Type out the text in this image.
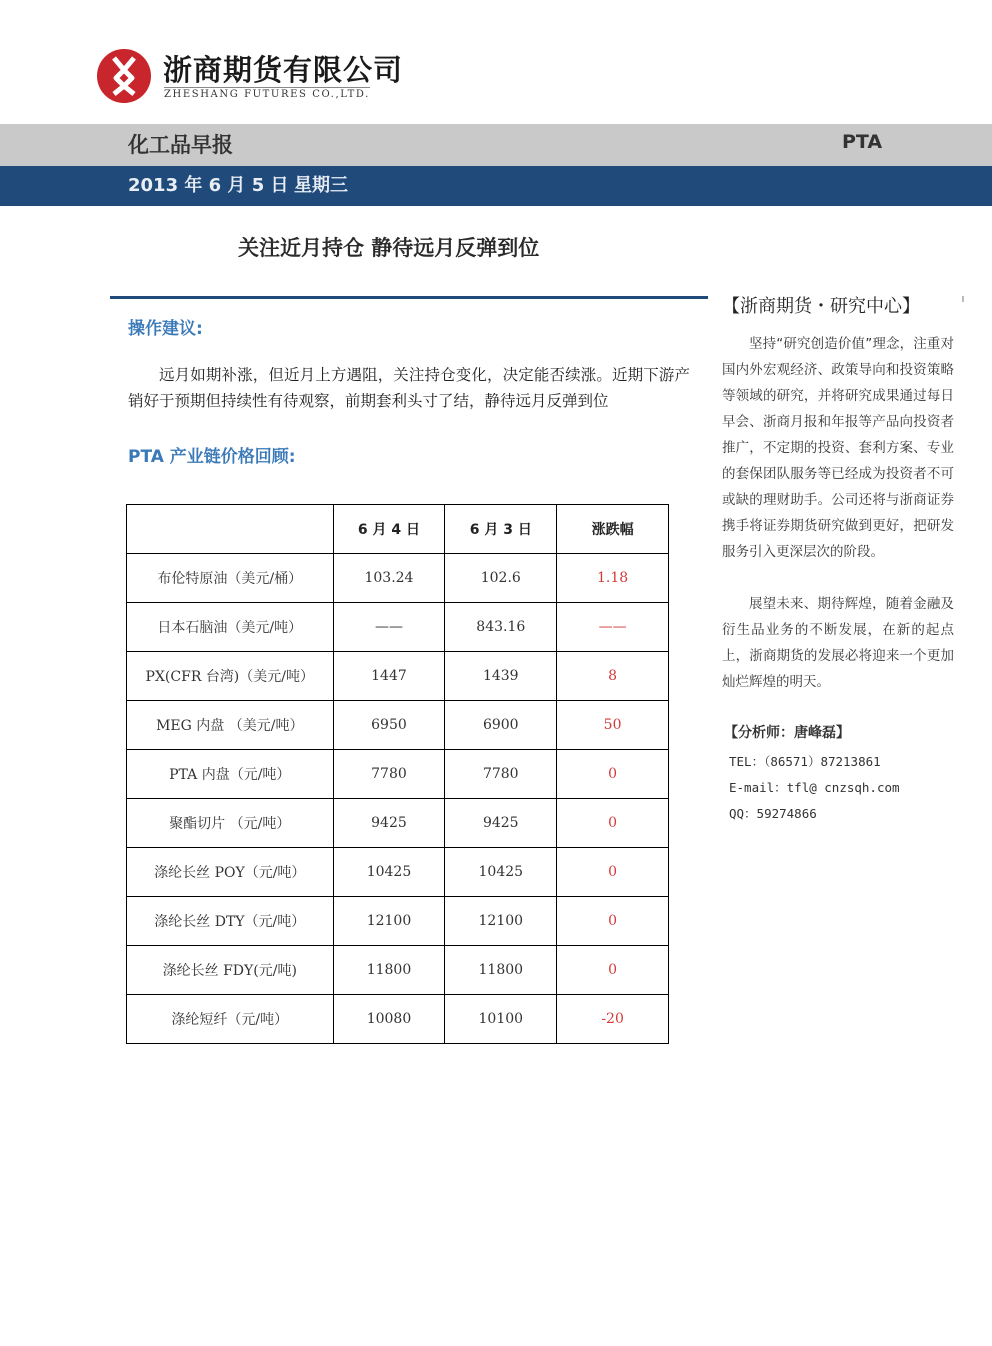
浙商期货有限公司
ZHESHANG FUTURES CO.,LTD.
化工品早报	PTA
2013 年 6 月 5 日 星期三
关注近月持仓 静待远月反弹到位
操作建议:
远月如期补涨，但近月上方遇阻，关注持仓变化，决定能否续涨。近期下游产销好于预期但持续性有待观察，前期套利头寸了结，静待远月反弹到位
PTA 产业链价格回顾:
	6 月 4 日	6 月 3 日	涨跌幅
布伦特原油（美元/桶）	103.24	102.6	1.18
日本石脑油（美元/吨）	——	843.16	——
PX(CFR 台湾)（美元/吨）	1447	1439	8
MEG 内盘 （美元/吨）	6950	6900	50
PTA 内盘（元/吨）	7780	7780	0
聚酯切片 （元/吨）	9425	9425	0
涤纶长丝 POY（元/吨）	10425	10425	0
涤纶长丝 DTY（元/吨）	12100	12100	0
涤纶长丝 FDY(元/吨)	11800	11800	0
涤纶短纤（元/吨）	10080	10100	-20
【浙商期货・研究中心】
坚持“研究创造价值”理念，注重对国内外宏观经济、政策导向和投资策略等领域的研究，并将研究成果通过每日早会、浙商月报和年报等产品向投资者推广，不定期的投资、套利方案、专业的套保团队服务等已经成为投资者不可或缺的理财助手。公司还将与浙商证券携手将证券期货研究做到更好，把研发服务引入更深层次的阶段。
展望未来、期待辉煌，随着金融及衍生品业务的不断发展，在新的起点上，浙商期货的发展必将迎来一个更加灿烂辉煌的明天。
【分析师：唐峰磊】
TEL：（86571）87213861
E-mail：tfl@ cnzsqh.com
QQ：59274866
